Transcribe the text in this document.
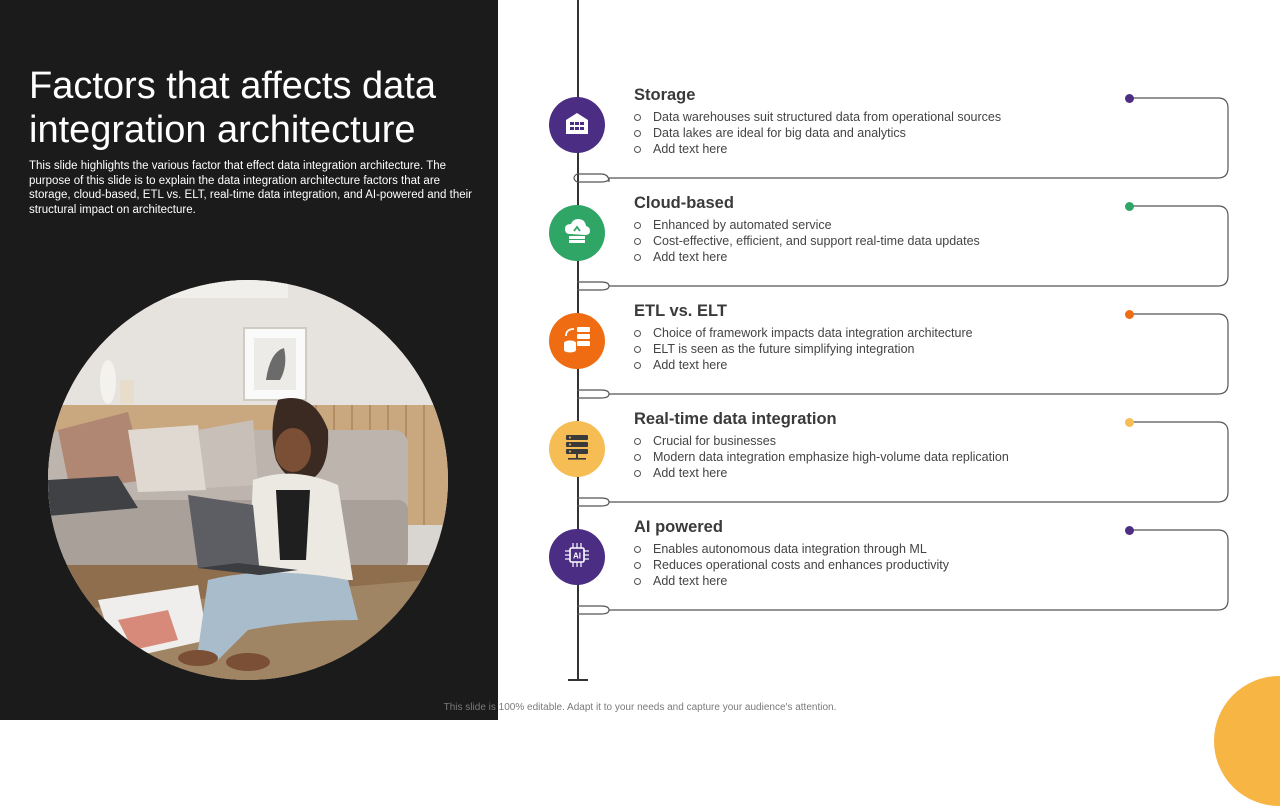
Factors that affects data integration architecture

This slide highlights the various factor that effect data integration architecture. The purpose of this slide is to explain the data integration architecture factors that are storage, cloud-based, ETL vs. ELT, real-time data integration, and AI-powered and their structural impact on architecture.

Storage
Data warehouses suit structured data from operational sources
Data lakes are ideal for big data and analytics
Add text here
Cloud-based
Enhanced by automated service
Cost-effective, efficient, and support real-time data updates
Add text here
ETL vs. ELT
Choice of framework impacts data integration architecture
ELT is seen as the future simplifying integration
Add text here
Real-time data integration
Crucial for businesses
Modern data integration emphasize high-volume data replication
Add text here
AI
AI powered
Enables autonomous data integration through ML
Reduces operational costs and enhances productivity
Add text here
This slide is 100% editable. Adapt it to your needs and capture your audience's attention.
